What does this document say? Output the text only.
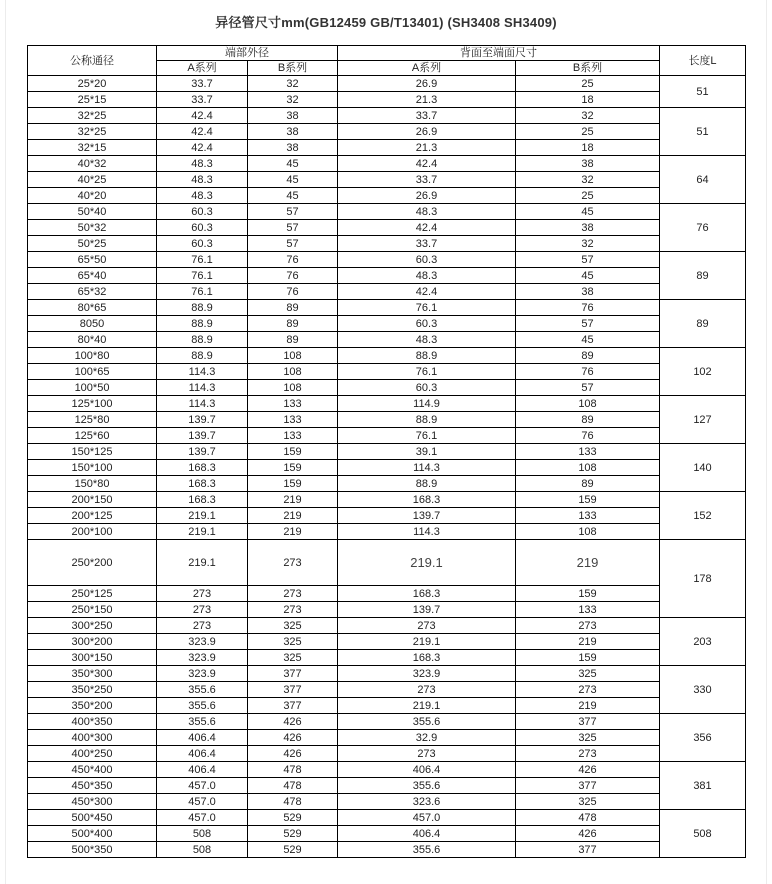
异径管尺寸mm(GB12459 GB/T13401) (SH3408 SH3409)
公称通径	端部外径		背面至端面尺寸		长度L
	A系列	B系列	A系列	B系列	
25*20	33.7	32	26.9	25	51
25*15	33.7	32	21.3	18	
32*25	42.4	38	33.7	32	51
32*25	42.4	38	26.9	25	
32*15	42.4	38	21.3	18	
40*32	48.3	45	42.4	38	64
40*25	48.3	45	33.7	32	
40*20	48.3	45	26.9	25	
50*40	60.3	57	48.3	45	76
50*32	60.3	57	42.4	38	
50*25	60.3	57	33.7	32	
65*50	76.1	76	60.3	57	89
65*40	76.1	76	48.3	45	
65*32	76.1	76	42.4	38	
80*65	88.9	89	76.1	76	89
8050	88.9	89	60.3	57	
80*40	88.9	89	48.3	45	
100*80	88.9	108	88.9	89	102
100*65	114.3	108	76.1	76	
100*50	114.3	108	60.3	57	
125*100	114.3	133	114.9	108	127
125*80	139.7	133	88.9	89	
125*60	139.7	133	76.1	76	
150*125	139.7	159	39.1	133	140
150*100	168.3	159	114.3	108	
150*80	168.3	159	88.9	89	
200*150	168.3	219	168.3	159	152
200*125	219.1	219	139.7	133	
200*100	219.1	219	114.3	108	
250*200	219.1	273	219.1	219	178
250*125	273	273	168.3	159	
250*150	273	273	139.7	133	
300*250	273	325	273	273	203
300*200	323.9	325	219.1	219	
300*150	323.9	325	168.3	159	
350*300	323.9	377	323.9	325	330
350*250	355.6	377	273	273	
350*200	355.6	377	219.1	219	
400*350	355.6	426	355.6	377	356
400*300	406.4	426	32.9	325	
400*250	406.4	426	273	273	
450*400	406.4	478	406.4	426	381
450*350	457.0	478	355.6	377	
450*300	457.0	478	323.6	325	
500*450	457.0	529	457.0	478	508
500*400	508	529	406.4	426	
500*350	508	529	355.6	377	
